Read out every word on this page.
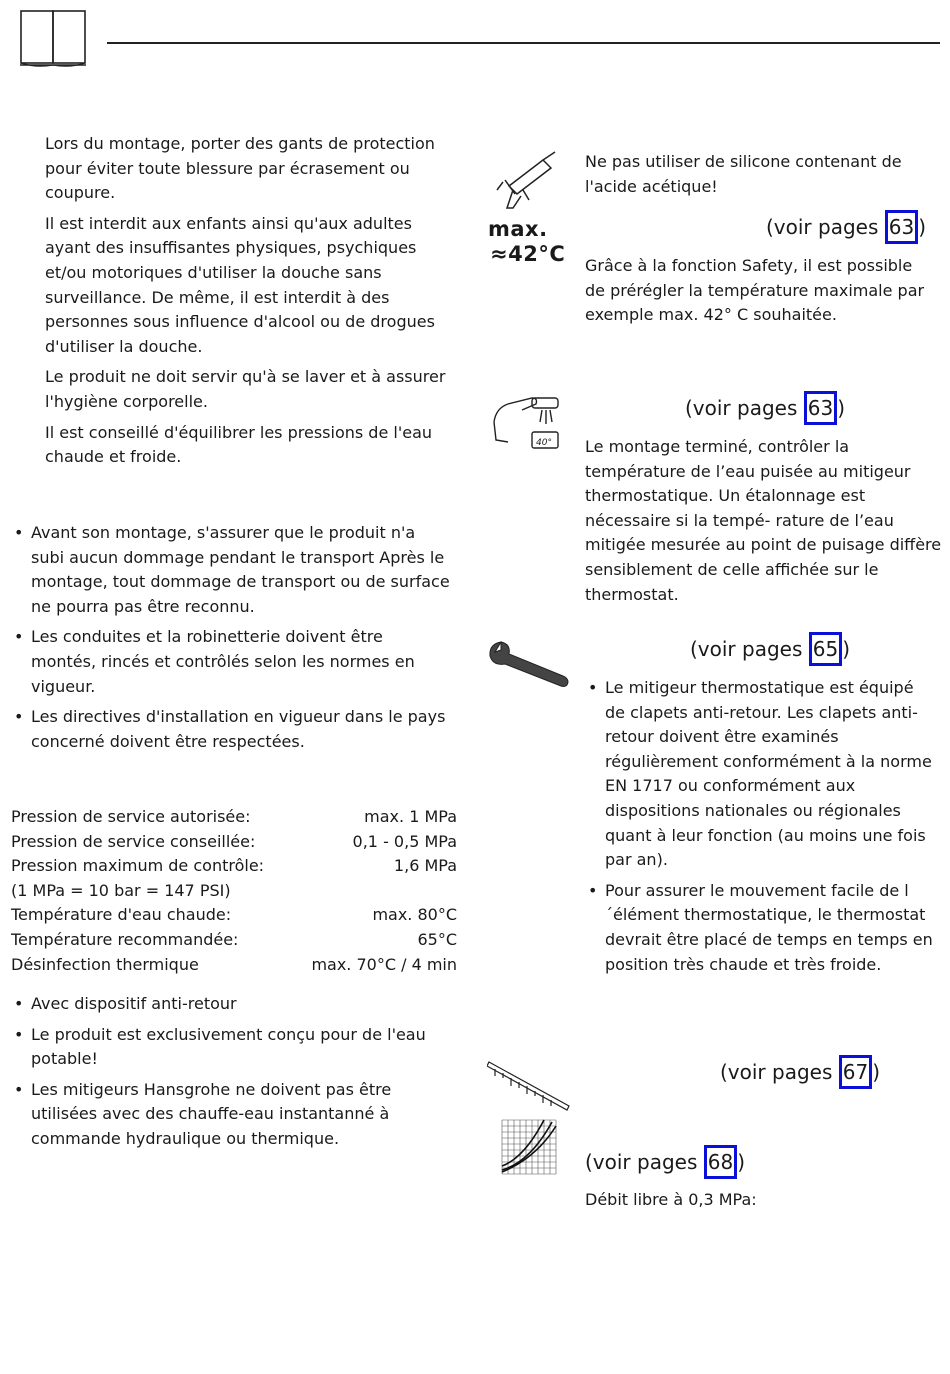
Lors du montage, porter des gants de protection pour éviter toute blessure par écrasement ou coupure.

Il est interdit aux enfants ainsi qu'aux adultes ayant des insuffisantes physiques, psychiques et/ou motoriques d'utiliser la douche sans surveillance. De même, il est interdit à des personnes sous influence d'alcool ou de drogues d'utiliser la douche.

Le produit ne doit servir qu'à se laver et à assurer l'hygiène corporelle.

Il est conseillé d'équilibrer les pressions de l'eau chaude et froide.

• Avant son montage, s'assurer que le produit n'a subi aucun dommage pendant le transport Après le montage, tout dommage de transport ou de surface ne pourra pas être reconnu.
• Les conduites et la robinetterie doivent être montés, rincés et contrôlés selon les normes en vigueur.
• Les directives d'installation en vigueur dans le pays concerné doivent être respectées.
Pression de service autorisée:	max. 1 MPa
Pression de service conseillée:	0,1 - 0,5 MPa
Pression maximum de contrôle:	1,6 MPa
(1 MPa = 10 bar = 147 PSI)
Température d'eau chaude:	max. 80°C
Température recommandée:	65°C
Désinfection thermique	max. 70°C / 4 min
• Avec dispositif anti-retour
• Le produit est exclusivement conçu pour de l'eau potable!
• Les mitigeurs Hansgrohe ne doivent pas être utilisées avec des chauffe-eau instantanné à commande hydraulique ou thermique.
max.
≈42°C

Ne pas utiliser de silicone contenant de l'acide acétique!

(voir pages 63 )

Grâce à la fonction Safety, il est possible de prérégler la température maximale par exemple max. 42° C souhaitée.

40°
(voir pages 63 )

Le montage terminé, contrôler la température de l’eau puisée au mitigeur thermostatique. Un étalonnage est nécessaire si la tempé- rature de l’eau mitigée mesurée au point de puisage diffère sensiblement de celle affichée sur le thermostat.

(voir pages 65 )
• Le mitigeur thermostatique est équipé de clapets anti-retour. Les clapets anti-retour doivent être examinés régulièrement conformément à la norme EN 1717 ou conformément aux dispositions nationales ou régionales quant à leur fonction (au moins une fois par an).
• Pour assurer le mouvement facile de l´élément thermostatique, le thermostat devrait être placé de temps en temps en position très chaude et très froide.
(voir pages 67 )
(voir pages 68 )

Débit libre à 0,3 MPa:
